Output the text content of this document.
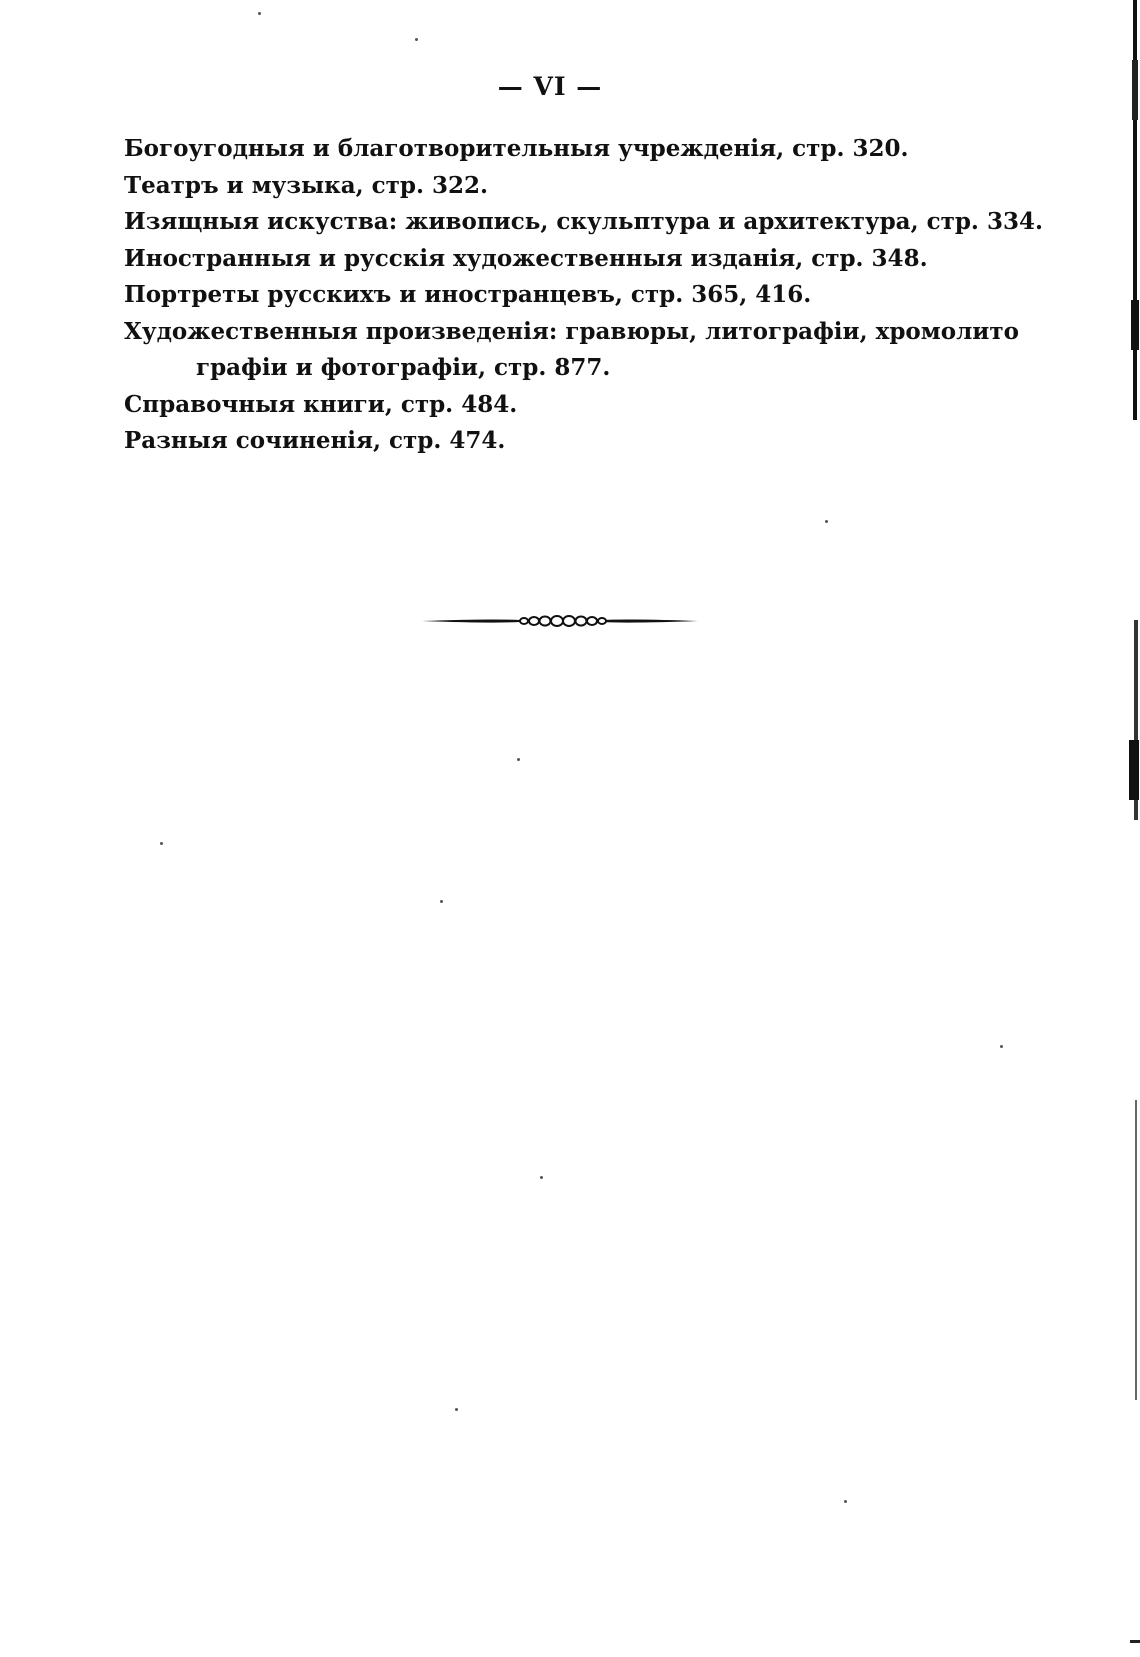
— VI —
Богоугодныя и благотворительныя учрежденія, стр. 320.
Театръ и музыка, стр. 322.
Изящныя искуства: живопись, скульптура и архитектура, стр. 334.
Иностранныя и русскія художественныя изданія, стр. 348.
Портреты русскихъ и иностранцевъ, стр. 365, 416.
Художественныя произведенія: гравюры, литографіи, хромолито
графіи и фотографіи, стр. 877.
Справочныя книги, стр. 484.
Разныя сочиненія, стр. 474.
